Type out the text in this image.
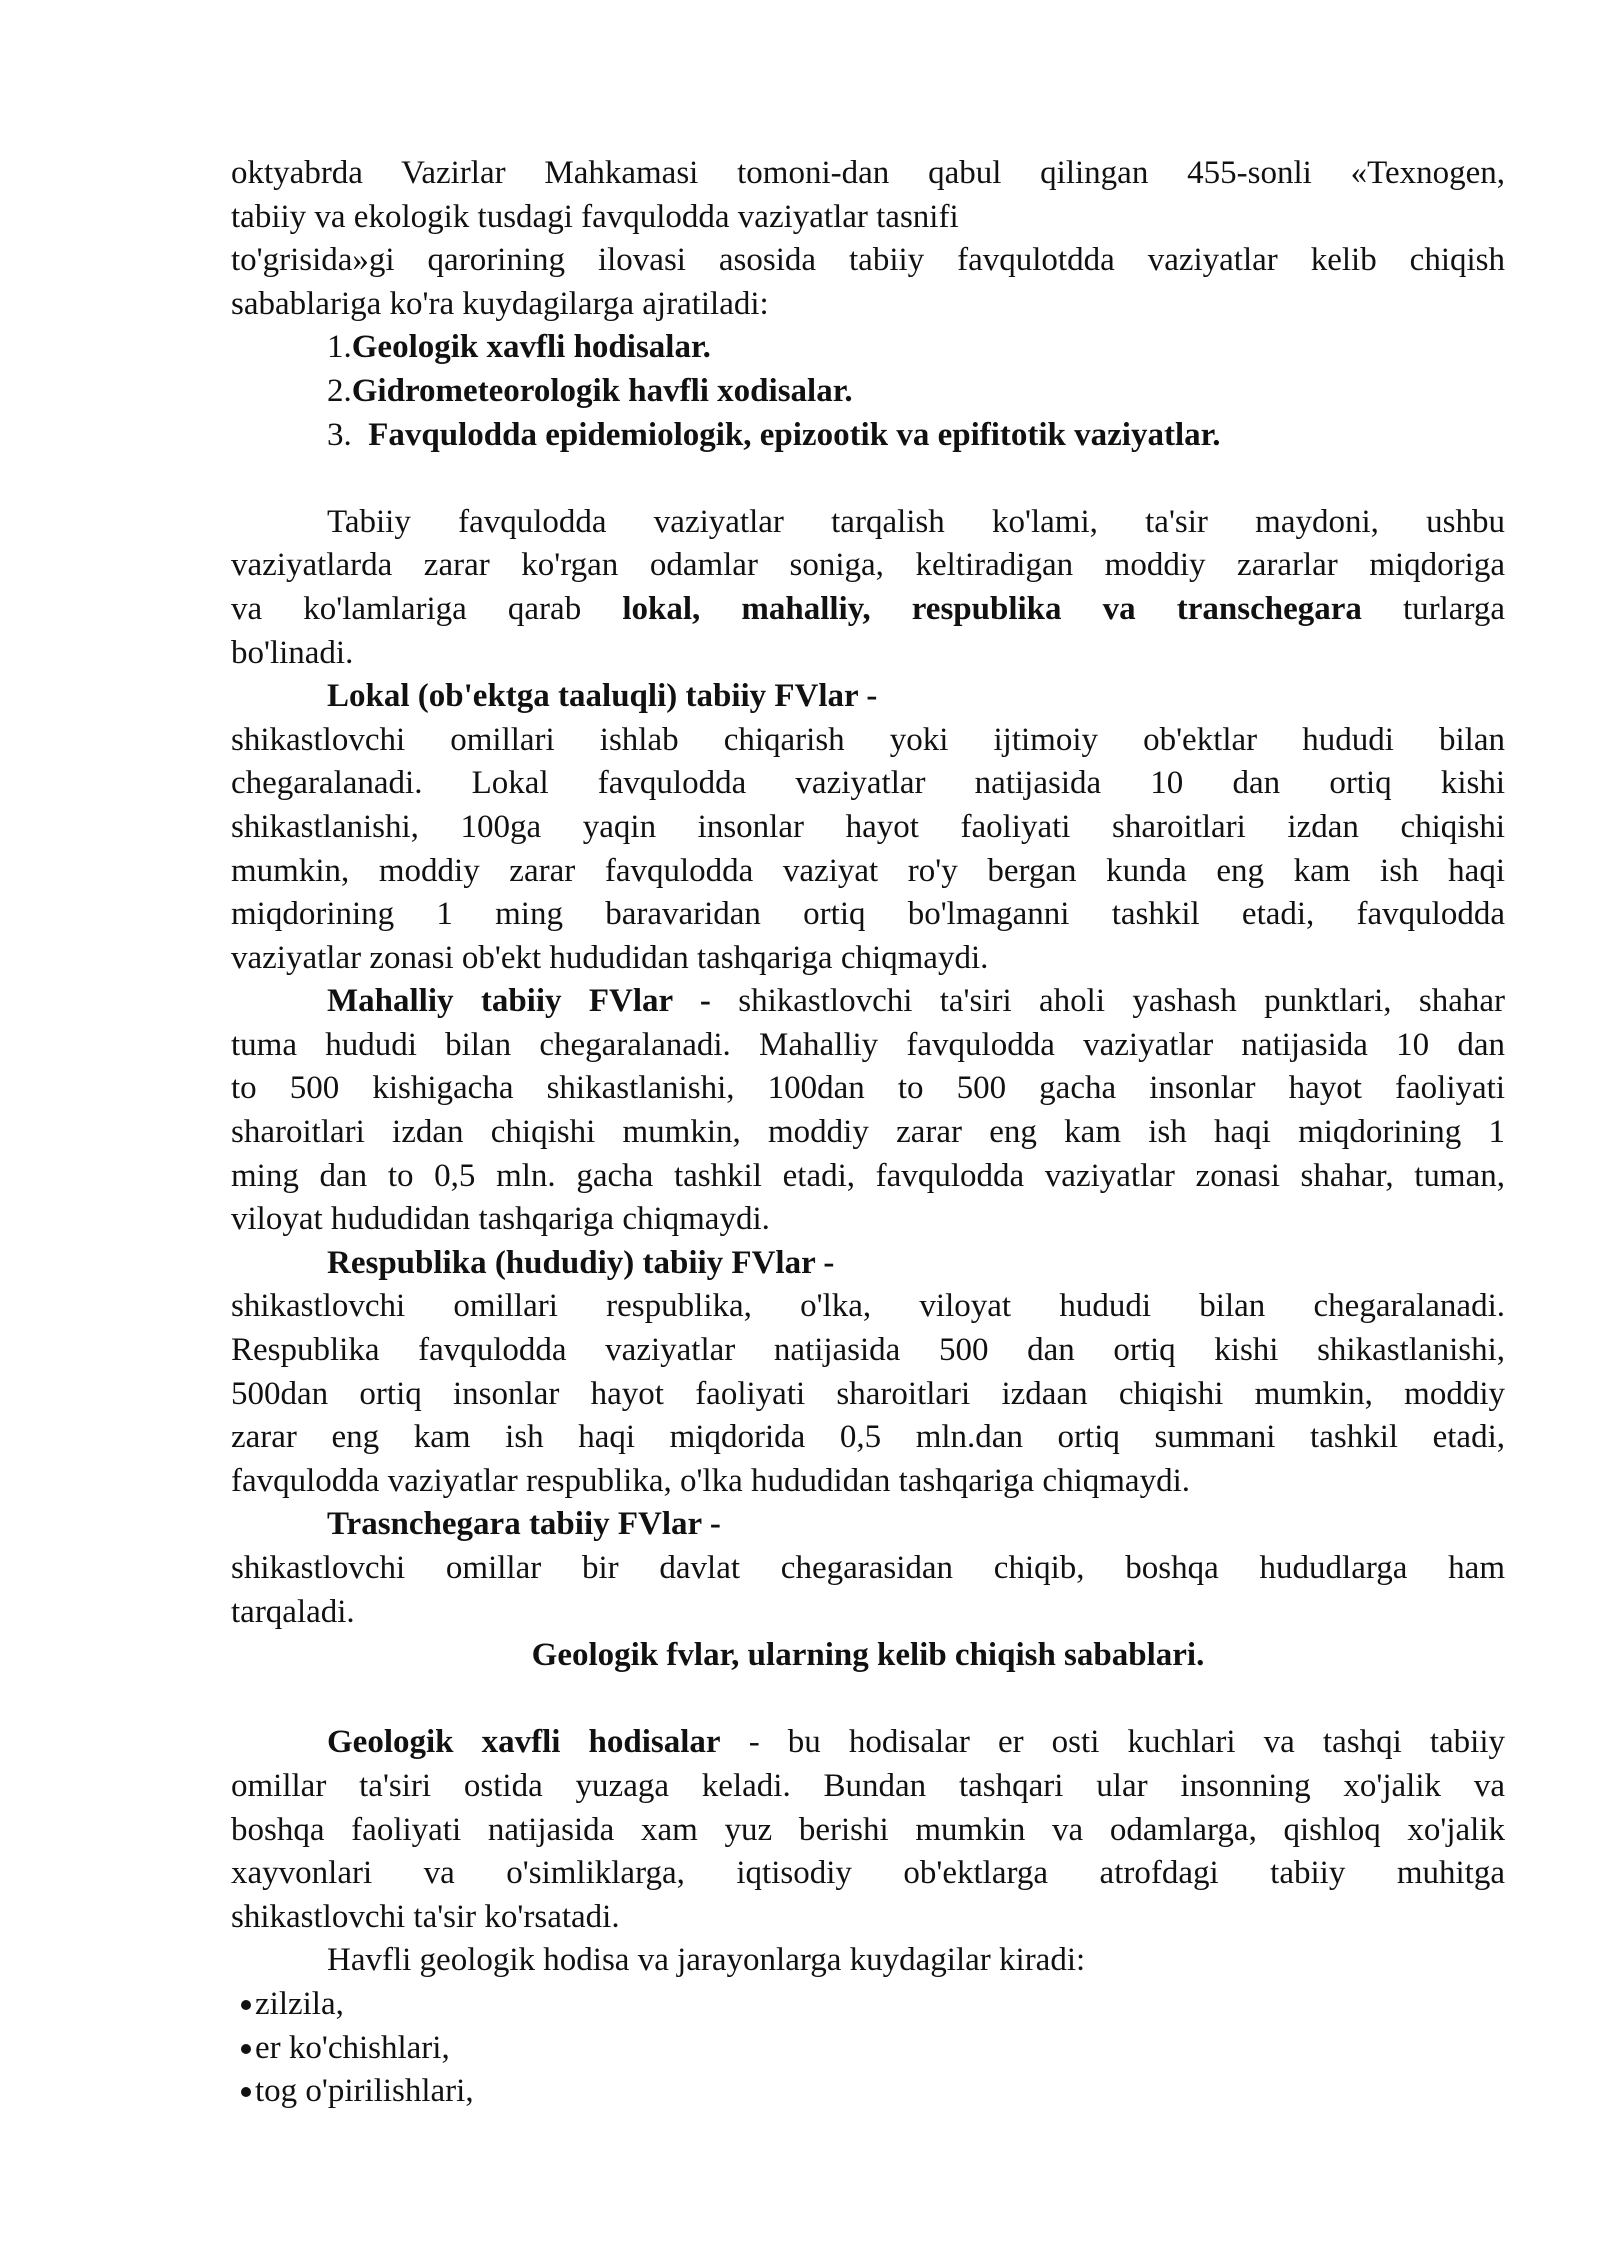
oktyabrda Vazirlar Mahkamasi tomoni-dan qabul qilingan 455-sonli «Texnogen,
tabiiy va ekologik tusdagi favqulodda vaziyatlar tasnifi
to'grisida»gi qarorining ilovasi asosida tabiiy favqulotdda vaziyatlar kelib chiqish
sabablariga ko'ra kuydagilarga ajratiladi:
1.Geologik xavfli hodisalar.
2.Gidrometeorologik havfli xodisalar.
3. Favqulodda epidemiologik, epizootik va epifitotik vaziyatlar.
Tabiiy favqulodda vaziyatlar tarqalish ko'lami, ta'sir maydoni, ushbu
vaziyatlarda zarar ko'rgan odamlar soniga, keltiradigan moddiy zararlar miqdoriga
va ko'lamlariga qarab lokal, mahalliy, respublika va transchegara turlarga
bo'linadi.
Lokal (ob'ektga taaluqli) tabiiy FVlar -
shikastlovchi omillari ishlab chiqarish yoki ijtimoiy ob'ektlar hududi bilan
chegaralanadi. Lokal favqulodda vaziyatlar natijasida 10 dan ortiq kishi
shikastlanishi, 100ga yaqin insonlar hayot faoliyati sharoitlari izdan chiqishi
mumkin, moddiy zarar favqulodda vaziyat ro'y bergan kunda eng kam ish haqi
miqdorining 1 ming baravaridan ortiq bo'lmaganni tashkil etadi, favqulodda
vaziyatlar zonasi ob'ekt hududidan tashqariga chiqmaydi.
Mahalliy tabiiy FVlar - shikastlovchi ta'siri aholi yashash punktlari, shahar
tuma hududi bilan chegaralanadi. Mahalliy favqulodda vaziyatlar natijasida 10 dan
to 500 kishigacha shikastlanishi, 100dan to 500 gacha insonlar hayot faoliyati
sharoitlari izdan chiqishi mumkin, moddiy zarar eng kam ish haqi miqdorining 1
ming dan to 0,5 mln. gacha tashkil etadi, favqulodda vaziyatlar zonasi shahar, tuman,
viloyat hududidan tashqariga chiqmaydi.
Respublika (hududiy) tabiiy FVlar -
shikastlovchi omillari respublika, o'lka, viloyat hududi bilan chegaralanadi.
Respublika favqulodda vaziyatlar natijasida 500 dan ortiq kishi shikastlanishi,
500dan ortiq insonlar hayot faoliyati sharoitlari izdaan chiqishi mumkin, moddiy
zarar eng kam ish haqi miqdorida 0,5 mln.dan ortiq summani tashkil etadi,
favqulodda vaziyatlar respublika, o'lka hududidan tashqariga chiqmaydi.
Trasnchegara tabiiy FVlar -
shikastlovchi omillar bir davlat chegarasidan chiqib, boshqa hududlarga ham
tarqaladi.
Geologik fvlar, ularning kelib chiqish sabablari.
Geologik xavfli hodisalar - bu hodisalar er osti kuchlari va tashqi tabiiy
omillar ta'siri ostida yuzaga keladi. Bundan tashqari ular insonning xo'jalik va
boshqa faoliyati natijasida xam yuz berishi mumkin va odamlarga, qishloq xo'jalik
xayvonlari va o'simliklarga, iqtisodiy ob'ektlarga atrofdagi tabiiy muhitga
shikastlovchi ta'sir ko'rsatadi.
Havfli geologik hodisa va jarayonlarga kuydagilar kiradi:
zilzila,
er ko'chishlari,
tog o'pirilishlari,
